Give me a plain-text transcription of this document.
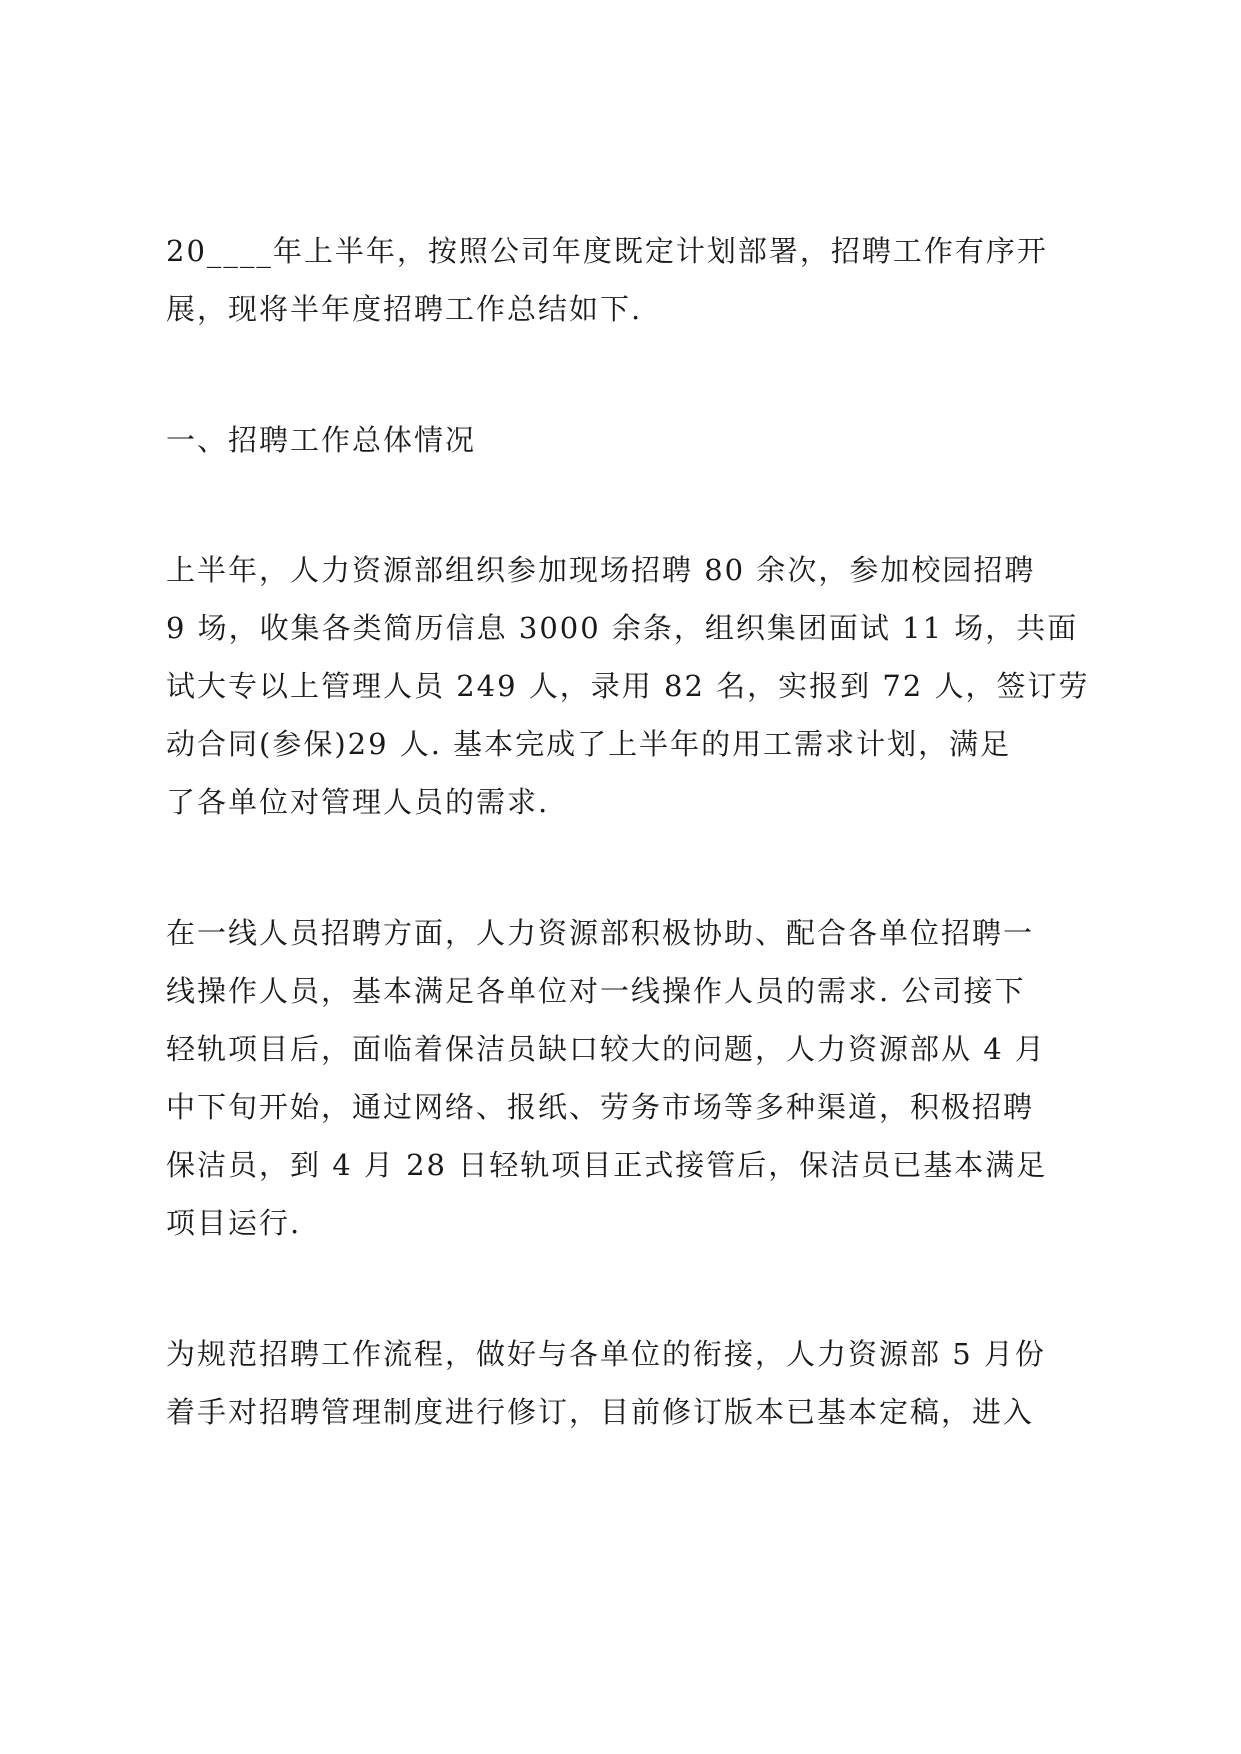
20____年上半年，按照公司年度既定计划部署，招聘工作有序开
展，现将半年度招聘工作总结如下.
一、招聘工作总体情况
上半年，人力资源部组织参加现场招聘 80 余次，参加校园招聘
9 场，收集各类简历信息 3000 余条，组织集团面试 11 场，共面
试大专以上管理人员 249 人，录用 82 名，实报到 72 人，签订劳
动合同(参保)29 人. 基本完成了上半年的用工需求计划，满足
了各单位对管理人员的需求.
在一线人员招聘方面，人力资源部积极协助、配合各单位招聘一
线操作人员，基本满足各单位对一线操作人员的需求. 公司接下
轻轨项目后，面临着保洁员缺口较大的问题，人力资源部从 4 月
中下旬开始，通过网络、报纸、劳务市场等多种渠道，积极招聘
保洁员，到 4 月 28 日轻轨项目正式接管后，保洁员已基本满足
项目运行.
为规范招聘工作流程，做好与各单位的衔接，人力资源部 5 月份
着手对招聘管理制度进行修订，目前修订版本已基本定稿，进入
